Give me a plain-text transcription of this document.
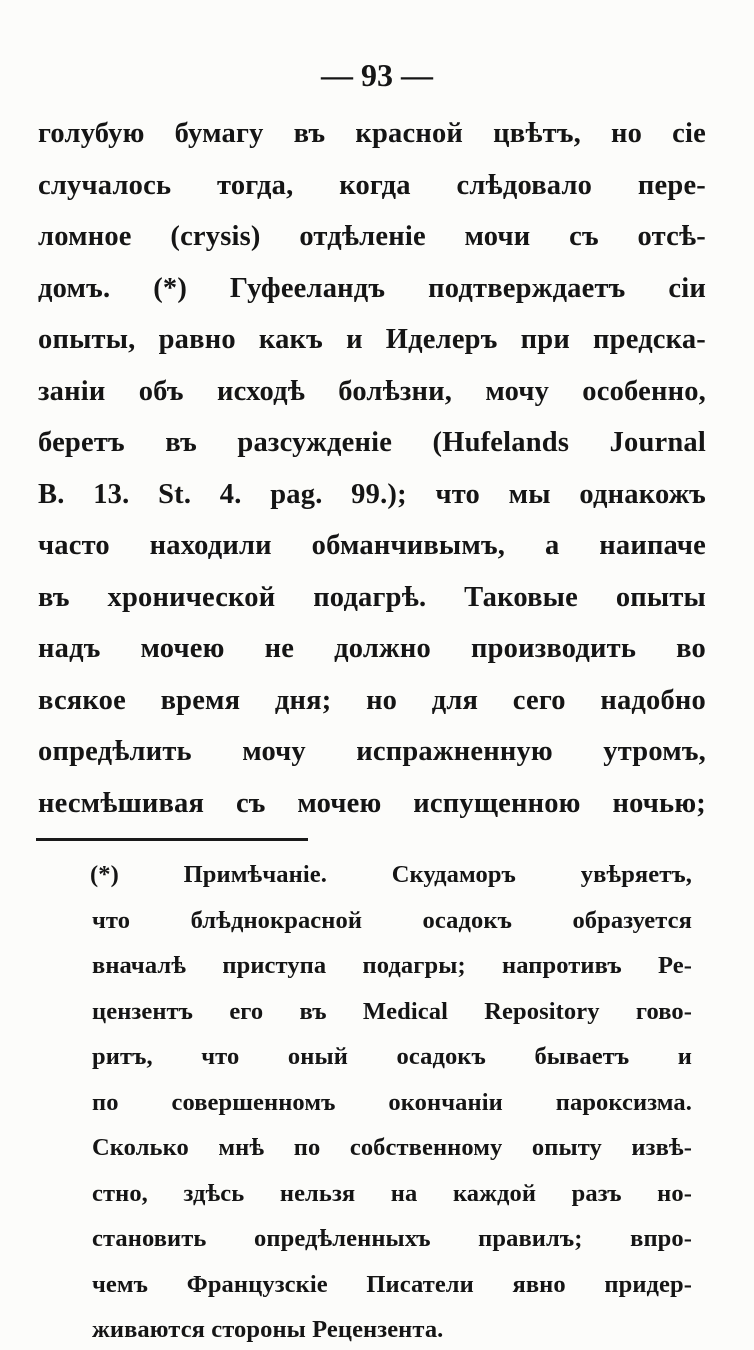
— 93 —
голубую бумагу въ красной цвѣтъ, но сіе
случалось тогда, когда слѣдовало пере-
ломное (crysis) отдѣленіе мочи съ отсѣ-
домъ. (*) Гуфееландъ подтверждаетъ сіи
опыты, равно какъ и Иделеръ при предска-
заніи объ исходѣ болѣзни, мочу особенно,
беретъ въ разсужденіе (Hufelands Journal
B. 13. St. 4. pag. 99.); что мы однакожъ
часто находили обманчивымъ, а наипаче
въ хронической подагрѣ. Таковые опыты
надъ мочею не должно производить во
всякое время дня; но для сего надобно
опредѣлить мочу испражненную утромъ,
несмѣшивая съ мочею испущенною ночью;
(*) Примѣчаніе. Скудаморъ увѣряетъ,
что блѣднокрасной осадокъ образуется
вначалѣ приступа подагры; напротивъ Ре-
цензентъ его въ Medical Repository гово-
ритъ, что оный осадокъ бываетъ и
по совершенномъ окончаніи пароксизма.
Сколько мнѣ по собственному опыту извѣ-
стно, здѣсь нельзя на каждой разъ но-
становить опредѣленныхъ правилъ; впро-
чемъ Французскіе Писатели явно придер-
живаются стороны Рецензента.
